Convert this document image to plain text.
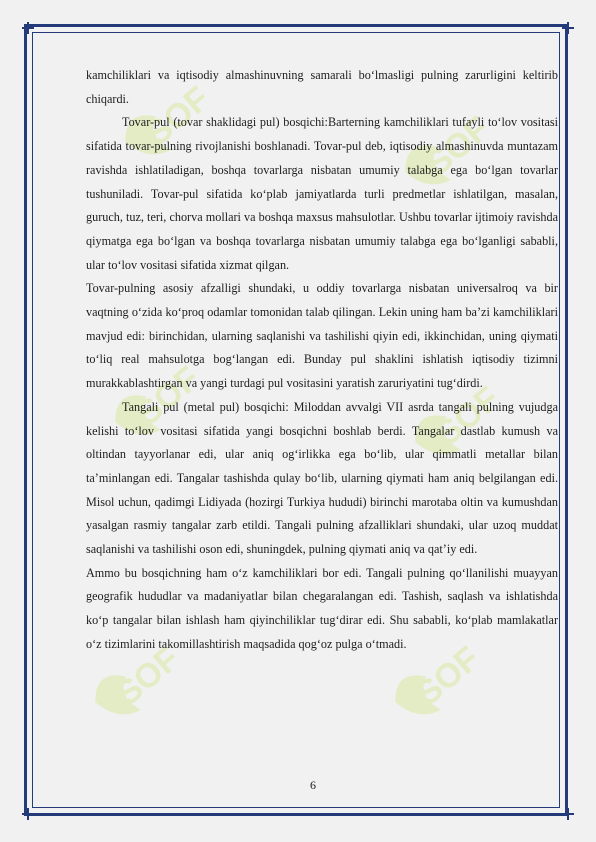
SOF	SOF
SOF	SOF
SOF	SOF

kamchiliklari va iqtisodiy almashinuvning samarali bo‘lmasligi pulning zarurligini keltirib chiqardi.

Tovar-pul (tovar shaklidagi pul) bosqichi:Barterning kamchiliklari tufayli to‘lov vositasi sifatida tovar-pulning rivojlanishi boshlanadi. Tovar-pul deb, iqtisodiy almashinuvda muntazam ravishda ishlatiladigan, boshqa tovarlarga nisbatan umumiy talabga ega bo‘lgan tovarlar tushuniladi. Tovar-pul sifatida ko‘plab jamiyatlarda turli predmetlar ishlatilgan, masalan, guruch, tuz, teri, chorva mollari va boshqa maxsus mahsulotlar. Ushbu tovarlar ijtimoiy ravishda qiymatga ega bo‘lgan va boshqa tovarlarga nisbatan umumiy talabga ega bo‘lganligi sababli, ular to‘lov vositasi sifatida xizmat qilgan.

Tovar-pulning asosiy afzalligi shundaki, u oddiy tovarlarga nisbatan universalroq va bir vaqtning o‘zida ko‘proq odamlar tomonidan talab qilingan. Lekin uning ham ba’zi kamchiliklari mavjud edi: birinchidan, ularning saqlanishi va tashilishi qiyin edi, ikkinchidan, uning qiymati to‘liq real mahsulotga bog‘langan edi. Bunday pul shaklini ishlatish iqtisodiy tizimni murakkablashtirgan va yangi turdagi pul vositasini yaratish zaruriyatini tug‘dirdi.

Tangali pul (metal pul) bosqichi: Miloddan avvalgi VII asrda tangali pulning vujudga kelishi to‘lov vositasi sifatida yangi bosqichni boshlab berdi. Tangalar dastlab kumush va oltindan tayyorlanar edi, ular aniq og‘irlikka ega bo‘lib, ular qimmatli metallar bilan ta’minlangan edi. Tangalar tashishda qulay bo‘lib, ularning qiymati ham aniq belgilangan edi. Misol uchun, qadimgi Lidiyada (hozirgi Turkiya hududi) birinchi marotaba oltin va kumushdan yasalgan rasmiy tangalar zarb etildi. Tangali pulning afzalliklari shundaki, ular uzoq muddat saqlanishi va tashilishi oson edi, shuningdek, pulning qiymati aniq va qat’iy edi.

Ammo bu bosqichning ham o‘z kamchiliklari bor edi. Tangali pulning qo‘llanilishi muayyan geografik hududlar va madaniyatlar bilan chegaralangan edi. Tashish, saqlash va ishlatishda ko‘p tangalar bilan ishlash ham qiyinchiliklar tug‘dirar edi. Shu sababli, ko‘plab mamlakatlar o‘z tizimlarini takomillashtirish maqsadida qog‘oz pulga o‘tmadi.

6
